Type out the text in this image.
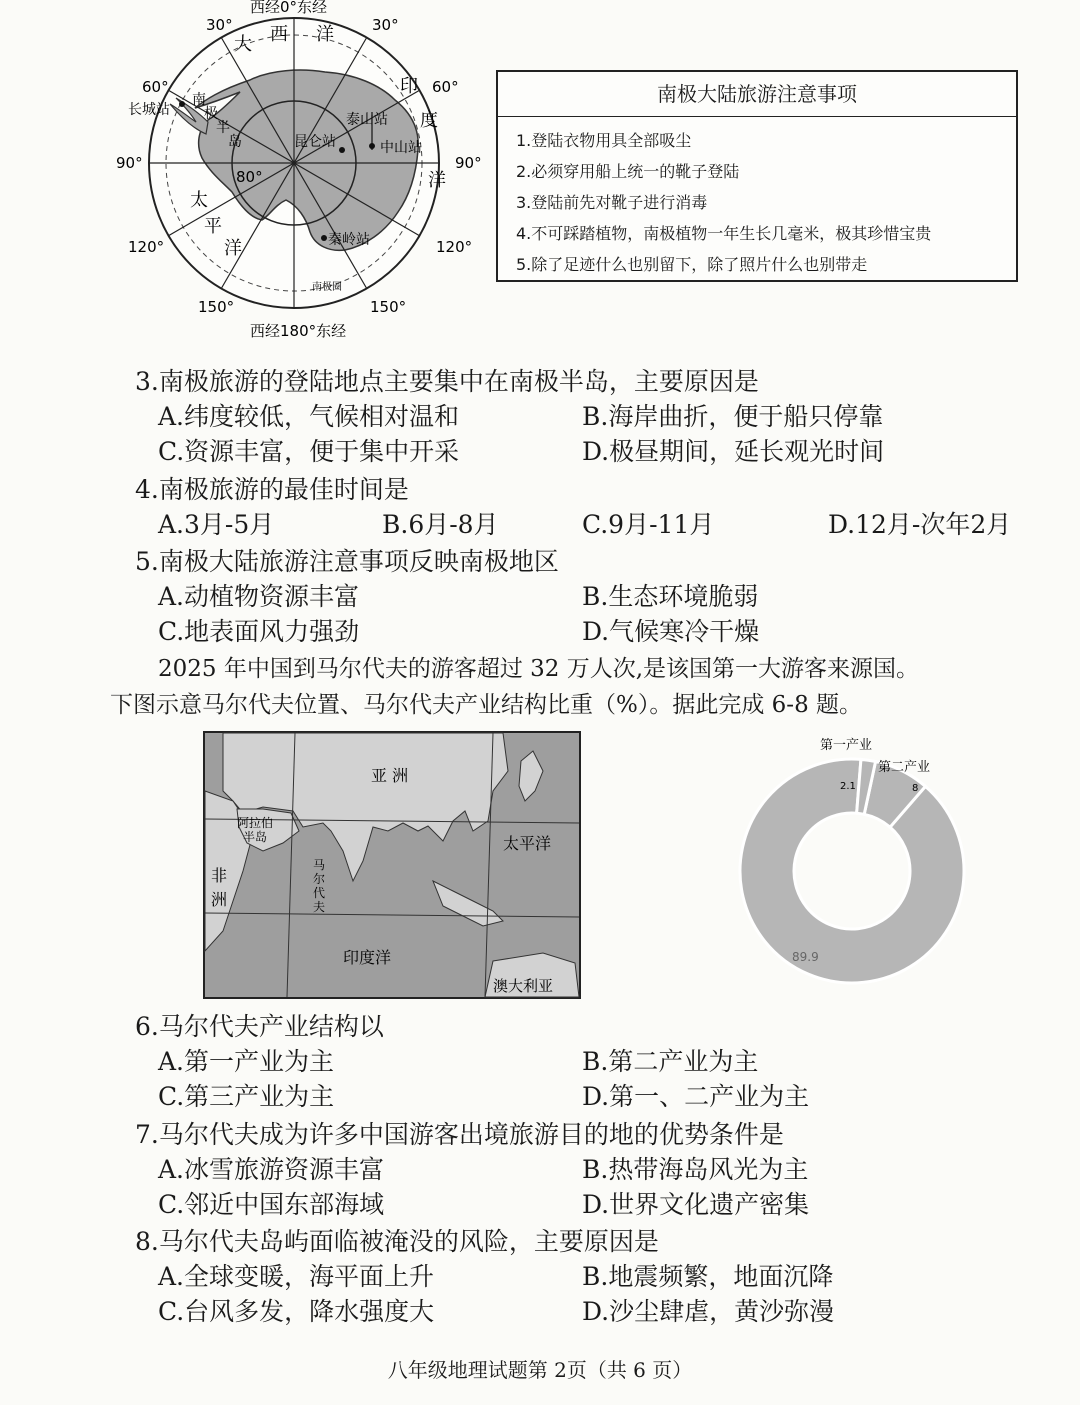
西经0°东经
西经180°东经
30°	30°
60°	60°
90°	90°
120°	120°
150°	150°
80°
大 西 洋
印
度
洋
太
平
洋
南
极
半
岛
长城站
昆仑站
泰山站
中山站
秦岭站
南极圈
南极大陆旅游注意事项
1.登陆衣物用具全部吸尘
2.必须穿用船上统一的靴子登陆
3.登陆前先对靴子进行消毒
4.不可踩踏植物，南极植物一年生长几毫米，极其珍惜宝贵
5.除了足迹什么也别留下，除了照片什么也别带走
3.南极旅游的登陆地点主要集中在南极半岛，主要原因是
A.纬度较低，气候相对温和	B.海岸曲折，便于船只停靠
C.资源丰富，便于集中开采	D.极昼期间，延长观光时间
4.南极旅游的最佳时间是
A.3月-5月	B.6月-8月	C.9月-11月	D.12月-次年2月
5.南极大陆旅游注意事项反映南极地区
A.动植物资源丰富	B.生态环境脆弱
C.地表面风力强劲	D.气候寒冷干燥
2025 年中国到马尔代夫的游客超过 32 万人次,是该国第一大游客来源国。
下图示意马尔代夫位置、马尔代夫产业结构比重（%）。据此完成 6-8 题。
亚 洲
阿拉伯
半岛
非
洲
马
尔
代
夫
太平洋
印度洋
澳大利亚
第一产业
第二产业
2.1	8
89.9
6.马尔代夫产业结构以
A.第一产业为主	B.第二产业为主
C.第三产业为主	D.第一、二产业为主
7.马尔代夫成为许多中国游客出境旅游目的地的优势条件是
A.冰雪旅游资源丰富	B.热带海岛风光为主
C.邻近中国东部海域	D.世界文化遗产密集
8.马尔代夫岛屿面临被淹没的风险，主要原因是
A.全球变暖，海平面上升	B.地震频繁，地面沉降
C.台风多发，降水强度大	D.沙尘肆虐，黄沙弥漫
八年级地理试题第 2页（共 6 页）
